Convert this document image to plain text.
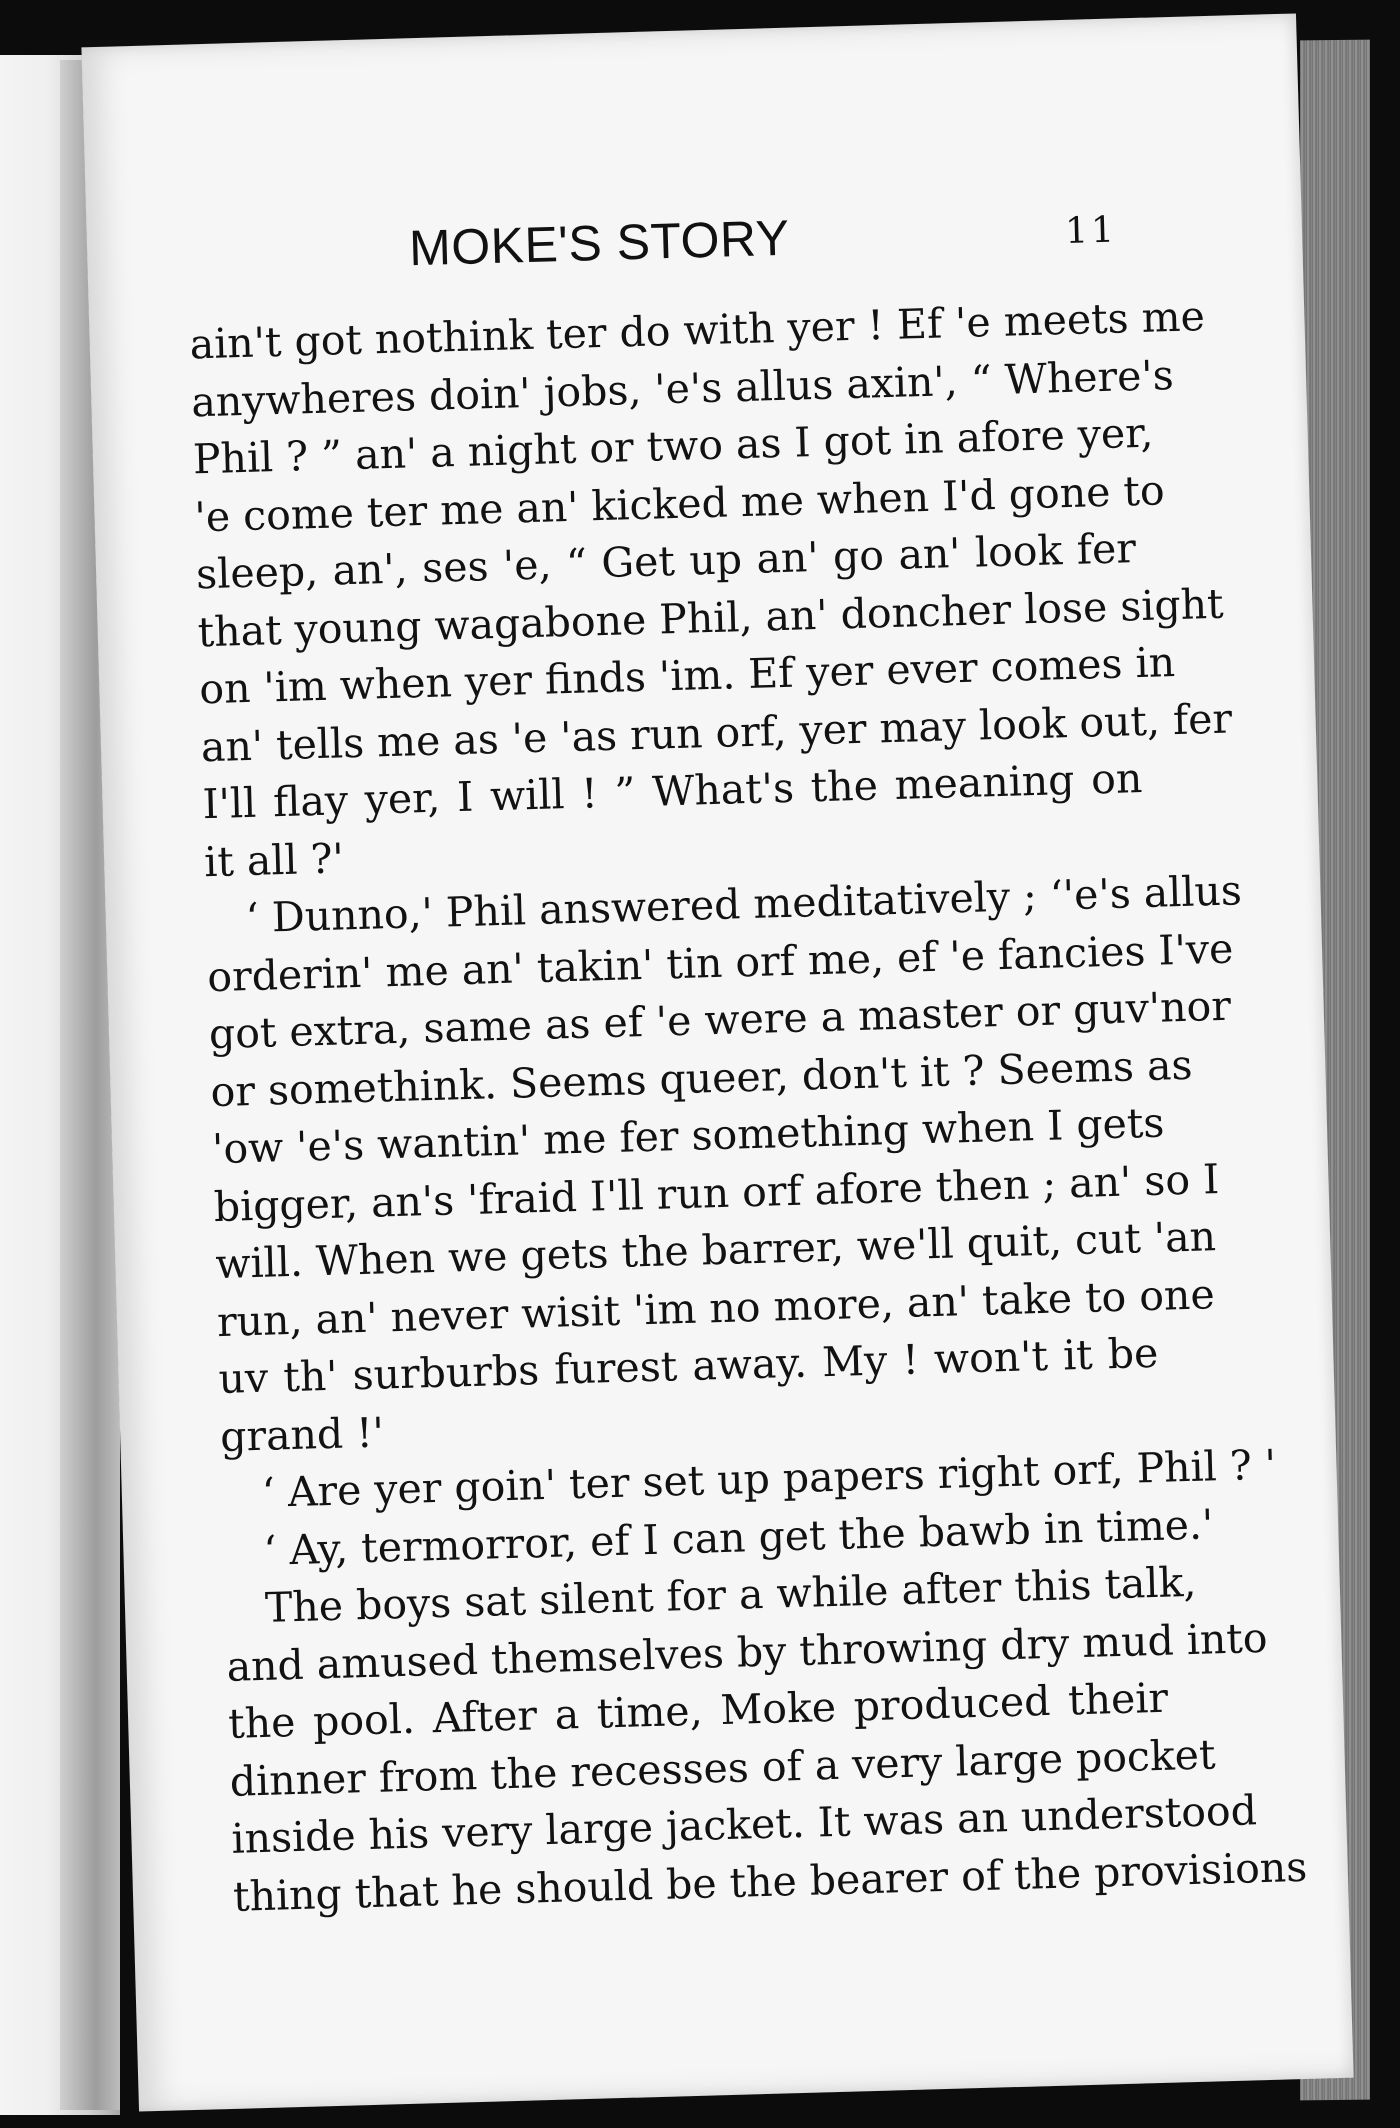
MOKE'S STORY	11
ain't got nothink ter do with yer ! Ef 'e meets me
anywheres doin' jobs, 'e's allus axin', “ Where's
Phil ? ” an' a night or two as I got in afore yer,
'e come ter me an' kicked me when I'd gone to
sleep, an', ses 'e, “ Get up an' go an' look fer
that young wagabone Phil, an' doncher lose sight
on 'im when yer finds 'im. Ef yer ever comes in
an' tells me as 'e 'as run orf, yer may look out, fer
I'll flay yer, I will ! ” What's the meaning on
it all ?'
‘ Dunno,' Phil answered meditatively ; ‘'e's allus
orderin' me an' takin' tin orf me, ef 'e fancies I've
got extra, same as ef 'e were a master or guv'nor
or somethink. Seems queer, don't it ? Seems as
'ow 'e's wantin' me fer something when I gets
bigger, an's 'fraid I'll run orf afore then ; an' so I
will. When we gets the barrer, we'll quit, cut 'an
run, an' never wisit 'im no more, an' take to one
uv th' surburbs furest away. My ! won't it be
grand !'
‘ Are yer goin' ter set up papers right orf, Phil ? '
‘ Ay, termorror, ef I can get the bawb in time.'
The boys sat silent for a while after this talk,
and amused themselves by throwing dry mud into
the pool. After a time, Moke produced their
dinner from the recesses of a very large pocket
inside his very large jacket. It was an understood
thing that he should be the bearer of the provisions
